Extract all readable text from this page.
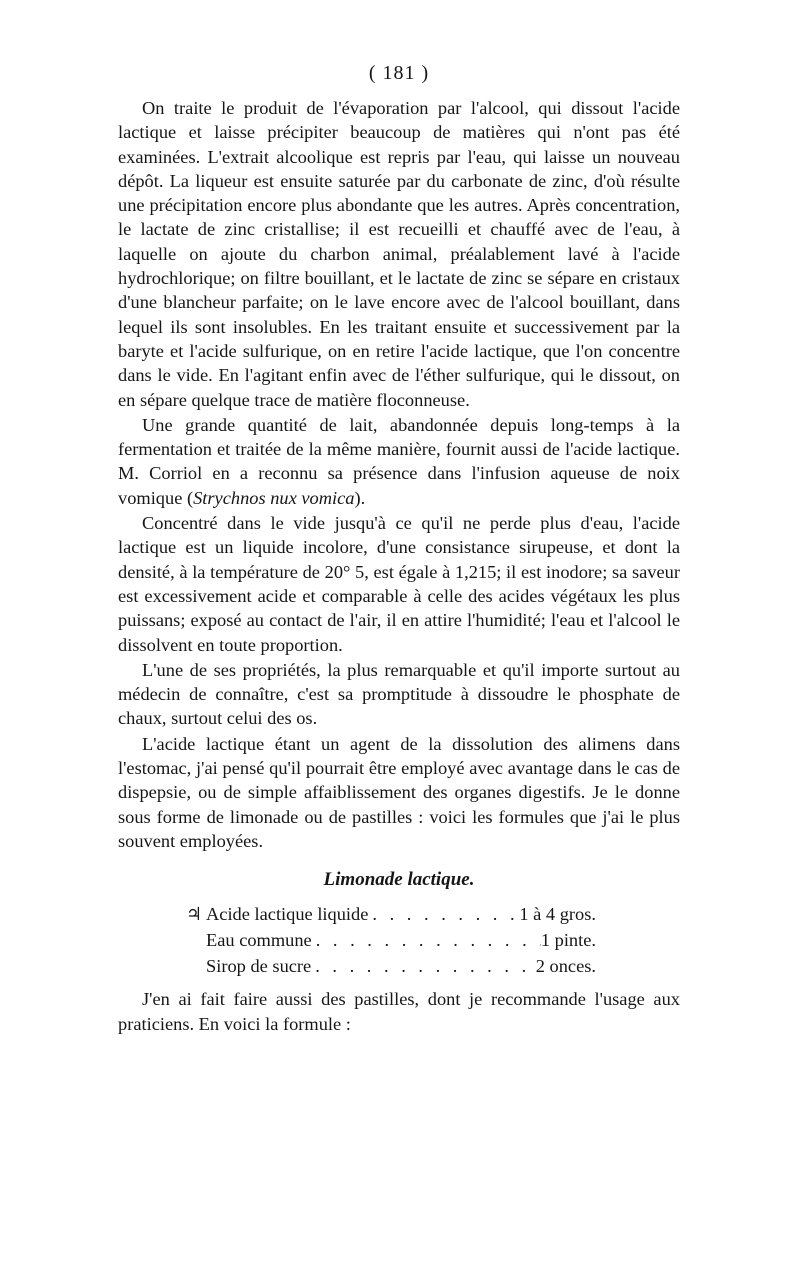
( 181 )

On traite le produit de l'évaporation par l'alcool, qui dissout l'acide lactique et laisse précipiter beaucoup de matières qui n'ont pas été examinées. L'extrait alcoolique est repris par l'eau, qui laisse un nouveau dépôt. La liqueur est ensuite saturée par du carbonate de zinc, d'où résulte une précipitation encore plus abondante que les autres. Après concentration, le lactate de zinc cristallise; il est recueilli et chauffé avec de l'eau, à laquelle on ajoute du charbon animal, préalablement lavé à l'acide hydrochlorique; on filtre bouillant, et le lactate de zinc se sépare en cristaux d'une blancheur parfaite; on le lave encore avec de l'alcool bouillant, dans lequel ils sont insolubles. En les traitant ensuite et successivement par la baryte et l'acide sulfurique, on en retire l'acide lactique, que l'on concentre dans le vide. En l'agitant enfin avec de l'éther sulfurique, qui le dissout, on en sépare quelque trace de matière floconneuse.

Une grande quantité de lait, abandonnée depuis long-temps à la fermentation et traitée de la même manière, fournit aussi de l'acide lactique. M. Corriol en a reconnu sa présence dans l'infusion aqueuse de noix vomique (Strychnos nux vomica).

Concentré dans le vide jusqu'à ce qu'il ne perde plus d'eau, l'acide lactique est un liquide incolore, d'une consistance sirupeuse, et dont la densité, à la température de 20° 5, est égale à 1,215; il est inodore; sa saveur est excessivement acide et comparable à celle des acides végétaux les plus puissans; exposé au contact de l'air, il en attire l'humidité; l'eau et l'alcool le dissolvent en toute proportion.

L'une de ses propriétés, la plus remarquable et qu'il importe surtout au médecin de connaître, c'est sa promptitude à dissoudre le phosphate de chaux, surtout celui des os.

L'acide lactique étant un agent de la dissolution des alimens dans l'estomac, j'ai pensé qu'il pourrait être employé avec avantage dans le cas de dispepsie, ou de simple affaiblissement des organes digestifs. Je le donne sous forme de limonade ou de pastilles : voici les formules que j'ai le plus souvent employées.

Limonade lactique.
♃ Acide lactique liquide . . .	1 à 4 gros.
Eau commune . . .	1 pinte.
Sirop de sucre . . .	2 onces.

J'en ai fait faire aussi des pastilles, dont je recommande l'usage aux praticiens. En voici la formule :
